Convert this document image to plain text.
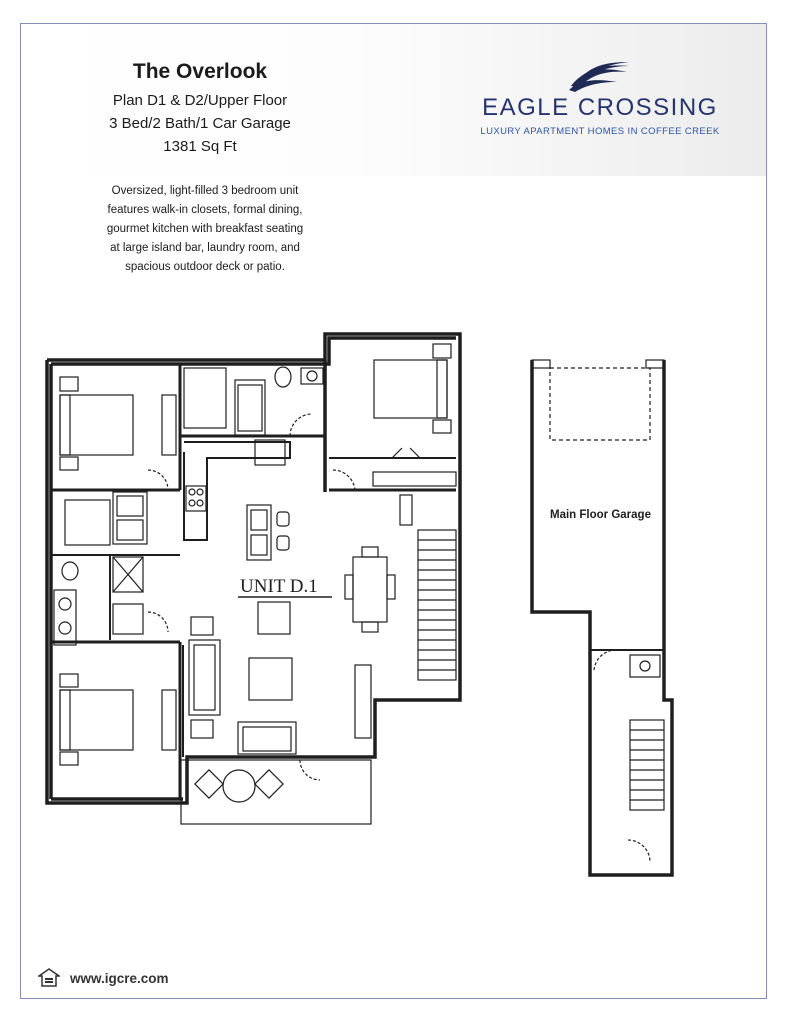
The Overlook
Plan D1 & D2/Upper Floor
3 Bed/2 Bath/1 Car Garage
1381 Sq Ft
EAGLE CROSSING
LUXURY APARTMENT HOMES IN COFFEE CREEK
Oversized, light-filled 3 bedroom unit
features walk-in closets, formal dining,
gourmet kitchen with breakfast seating
at large island bar, laundry room, and
spacious outdoor deck or patio.
UNIT D.1
Main Floor Garage
www.igcre.com
